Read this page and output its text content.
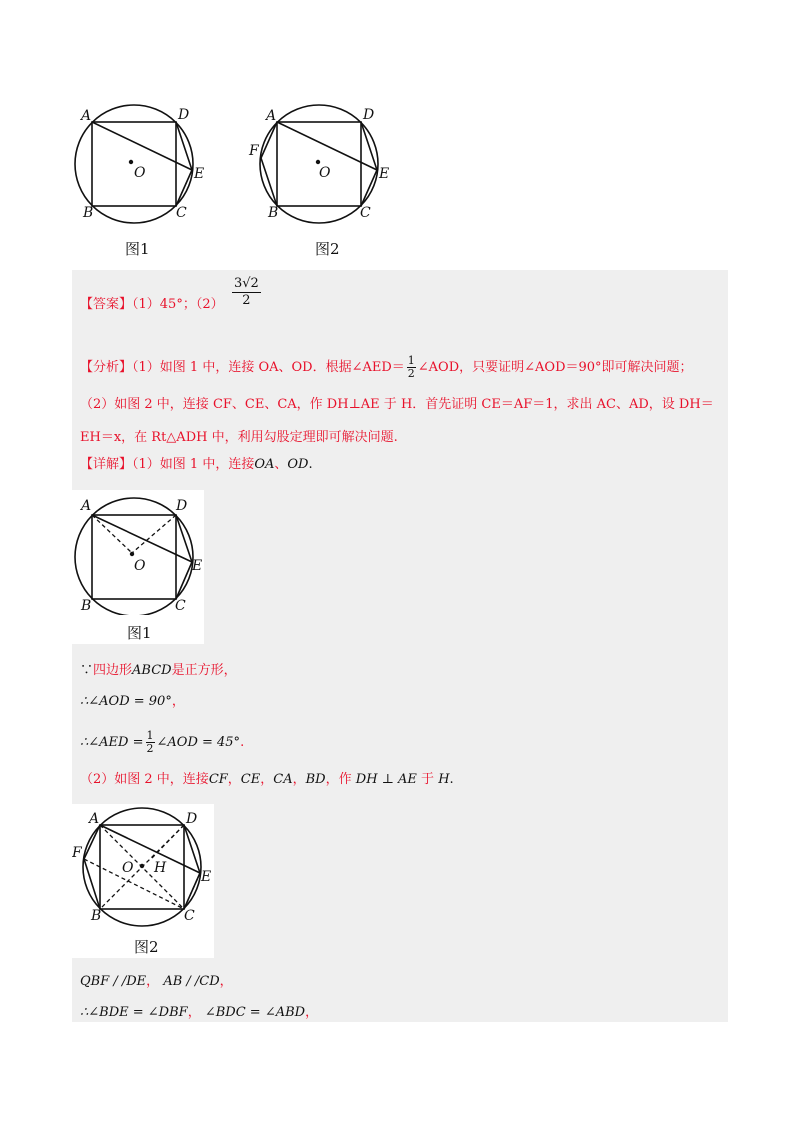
A	D
E
B	C
O
图1
A	D
E
F
B	C
O
图2
【答案】（1）45°；$(2) \frac{3√2}{2}$
【分析】（1）如图 1 中，连接 OA、OD．根据∠AED＝ $\frac{1}{2}$ ∠AOD，只要证明∠AOD＝90°即可解决问题；
（2）如图 2 中，连接 CF、CE、CA，作 DH⊥AE 于 H．首先证明 CE＝AF＝1，求出 AC、AD，设 DH＝
EH＝x，在 Rt△ADH 中，利用勾股定理即可解决问题.
【详解】（1）如图 1 中，连接OA、OD.
A	D
E
B	C
O
图1
∵四边形ABCD是正方形，
∴∠AOD = 90°，
∴∠AED = $\frac{1}{2}$ ∠AOD = 45°.
（2）如图 2 中，连接CF，CE，CA，BD，作 DH ⊥ AE 于 H.
A	D
E
F
B	C
O H
图2
QBF / /DE， AB / /CD，
∴∠BDE = ∠DBF， ∠BDC = ∠ABD，
